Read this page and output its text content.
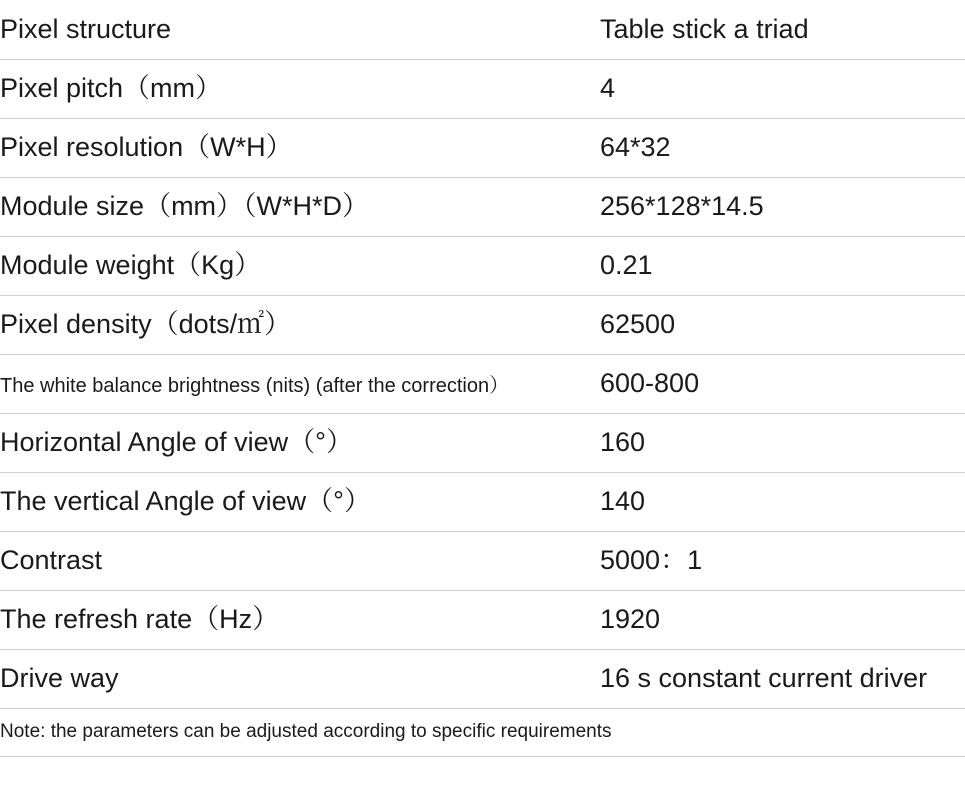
Pixel structure	Table stick a triad
Pixel pitch（mm）	4
Pixel resolution（W*H）	64*32
Module size（mm）（W*H*D）	256*128*14.5
Module weight（Kg）	0.21
Pixel density（dots/㎡）	62500
The white balance brightness (nits) (after the correction）	600-800
Horizontal Angle of view（°）	160
The vertical Angle of view（°）	140
Contrast	5000：1
The refresh rate（Hz）	1920
Drive way	16 s constant current driver
Note: the parameters can be adjusted according to specific requirements	
